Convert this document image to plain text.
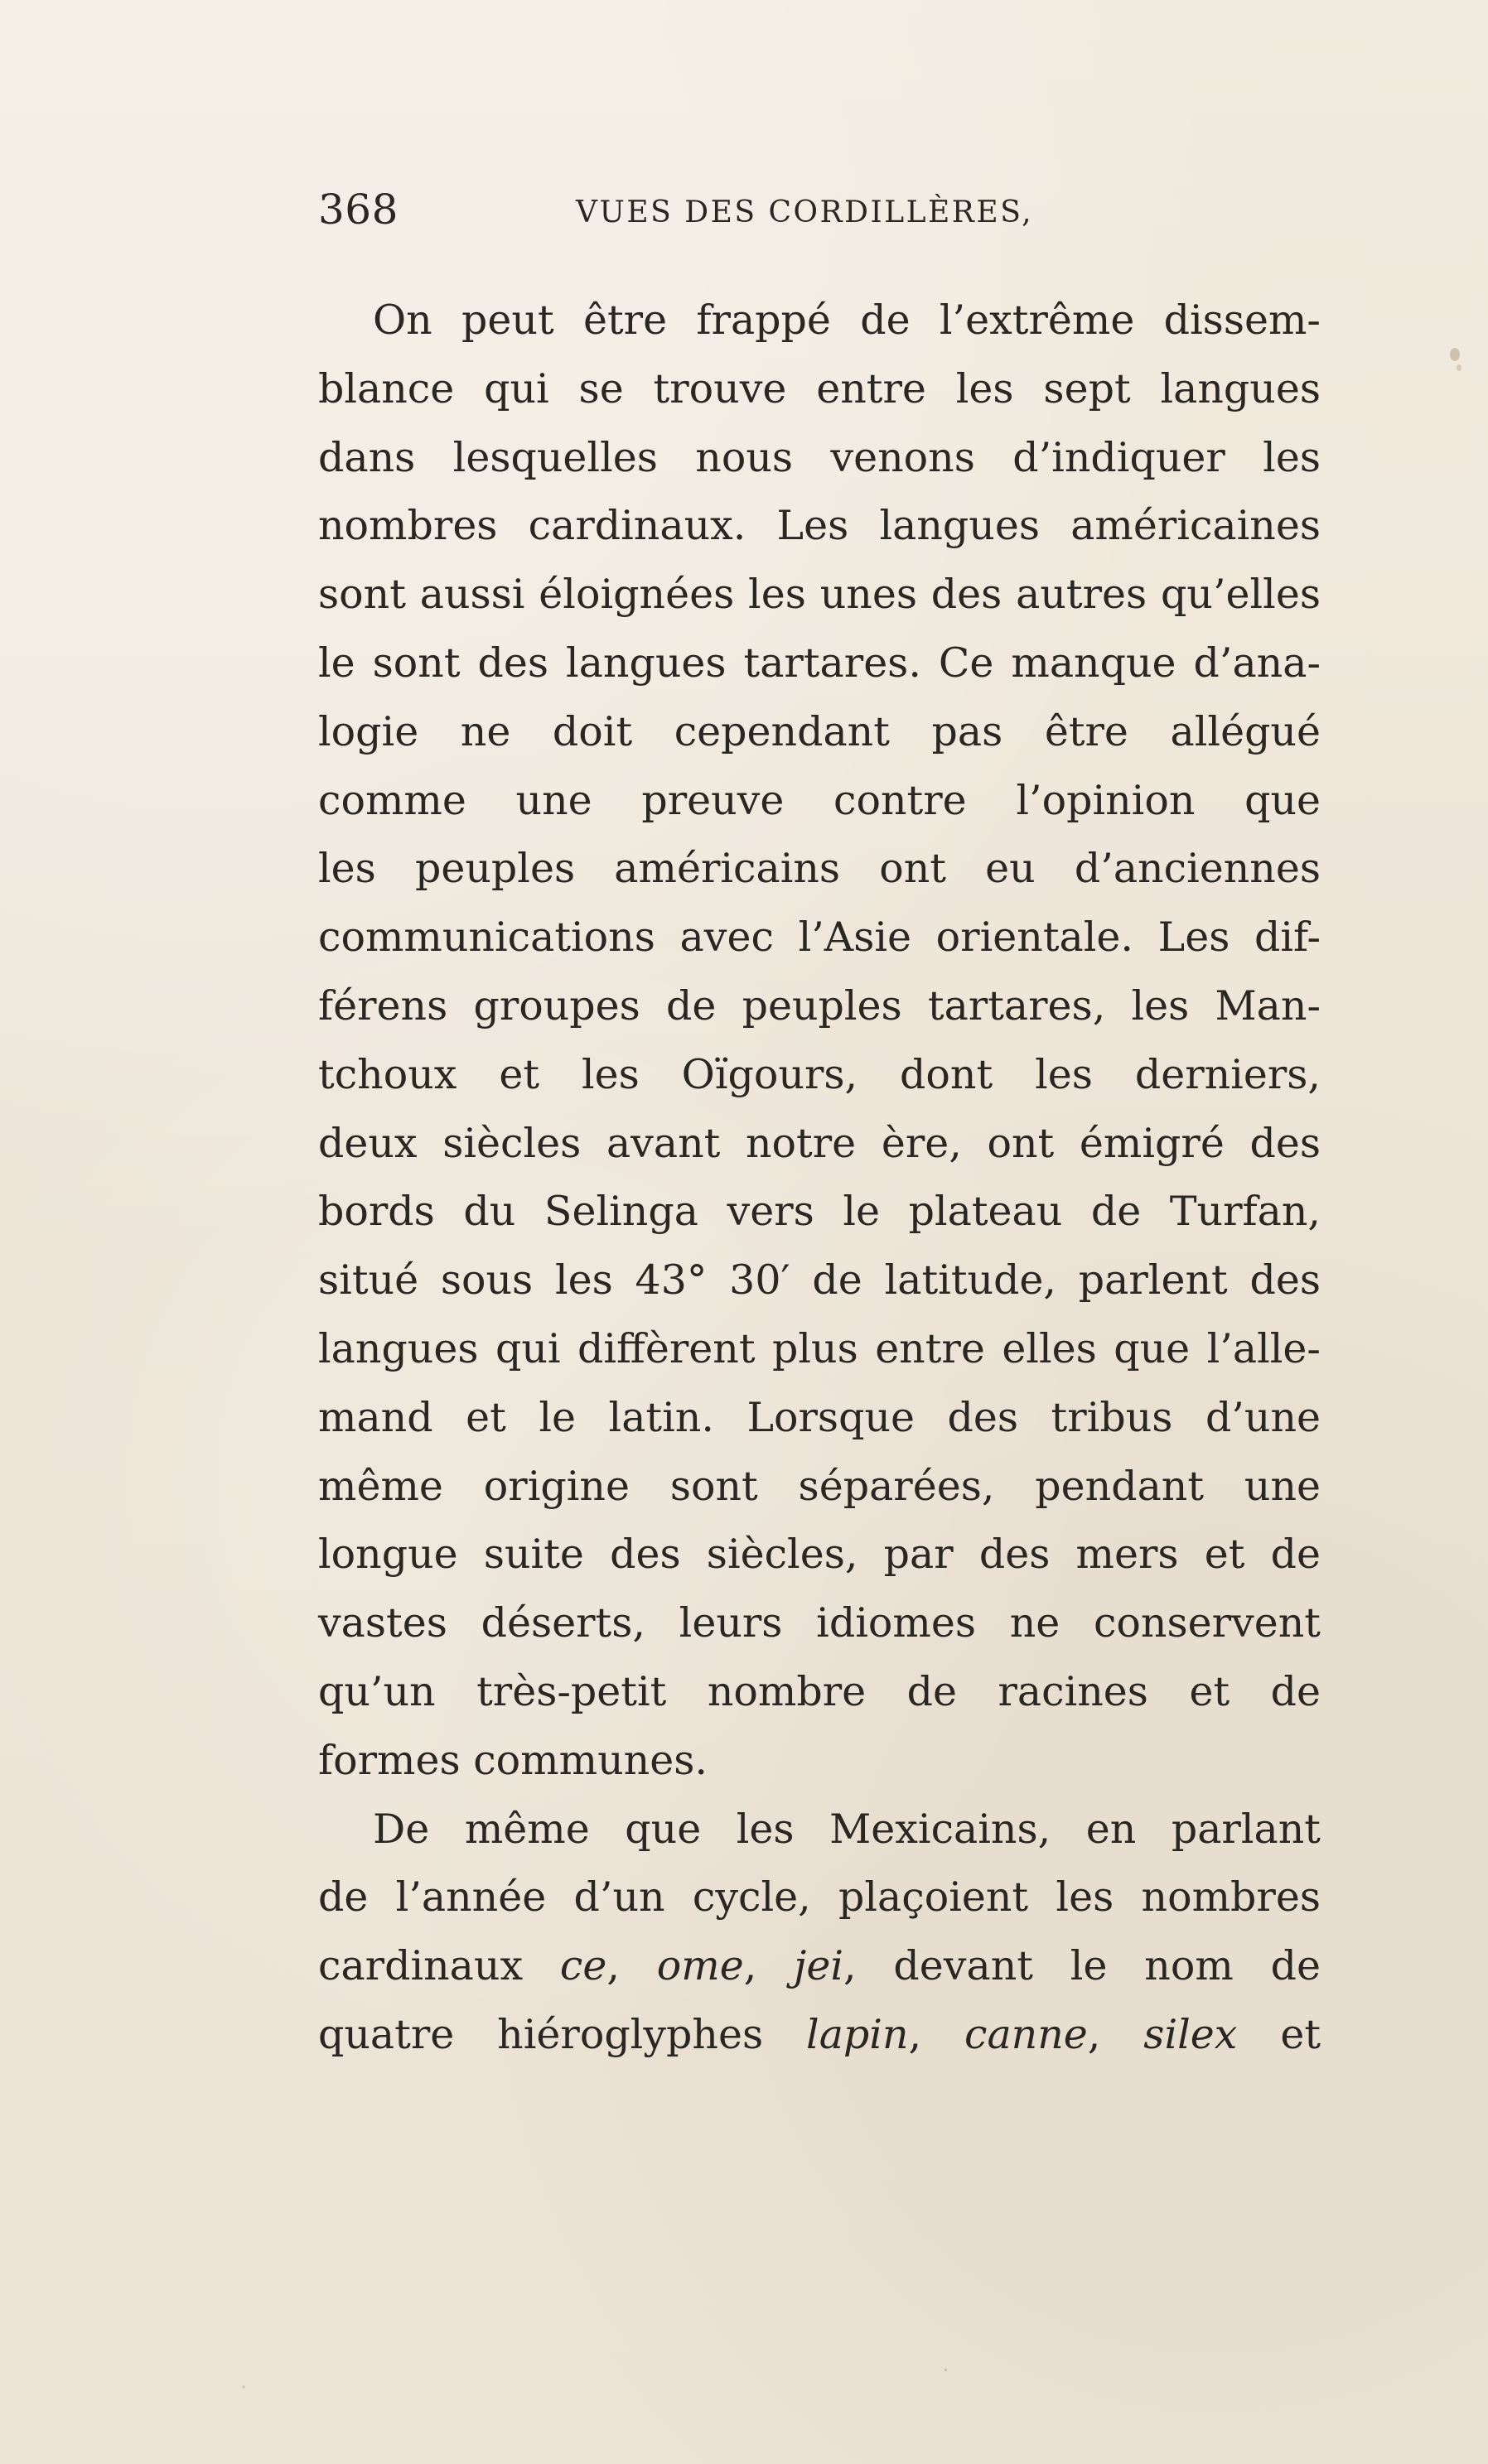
368	VUES DES CORDILLÈRES,
On peut être frappé de l’extrême dissem-
blance qui se trouve entre les sept langues
dans lesquelles nous venons d’indiquer les
nombres cardinaux. Les langues américaines
sont aussi éloignées les unes des autres qu’elles
le sont des langues tartares. Ce manque d’ana-
logie ne doit cependant pas être allégué
comme une preuve contre l’opinion que
les peuples américains ont eu d’anciennes
communications avec l’Asie orientale. Les dif-
férens groupes de peuples tartares, les Man-
tchoux et les Oïgours, dont les derniers,
deux siècles avant notre ère, ont émigré des
bords du Selinga vers le plateau de Turfan,
situé sous les 43° 30′ de latitude, parlent des
langues qui diffèrent plus entre elles que l’alle-
mand et le latin. Lorsque des tribus d’une
même origine sont séparées, pendant une
longue suite des siècles, par des mers et de
vastes déserts, leurs idiomes ne conservent
qu’un très-petit nombre de racines et de
formes communes.
De même que les Mexicains, en parlant
de l’année d’un cycle, plaçoient les nombres
cardinaux ce, ome, jei, devant le nom de
quatre hiéroglyphes lapin, canne, silex et
